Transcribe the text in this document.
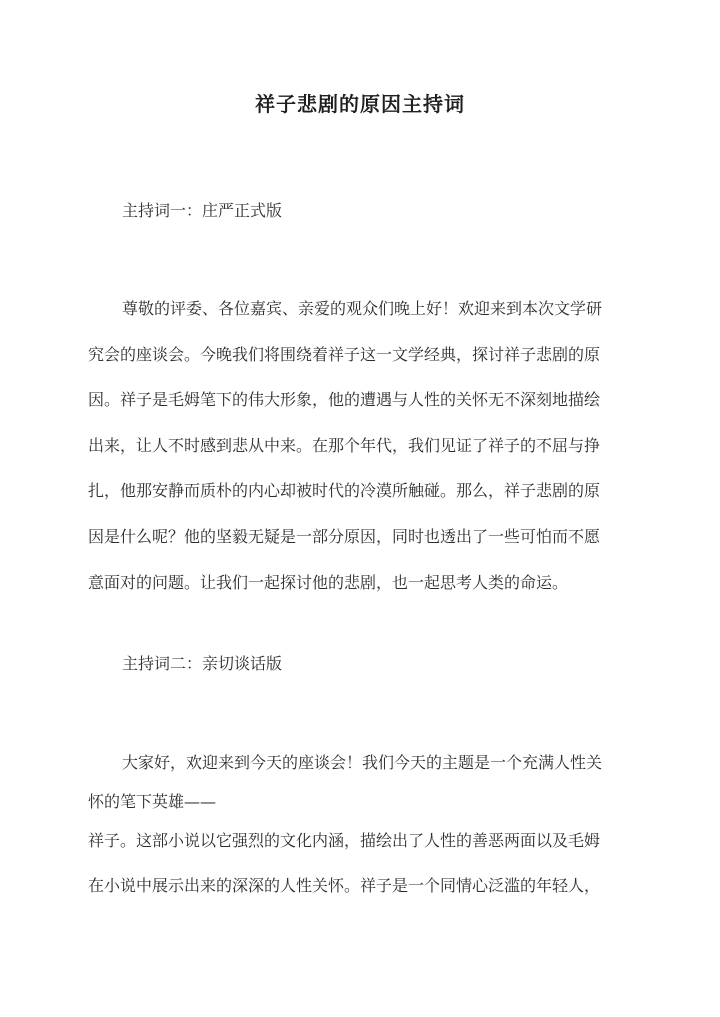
祥子悲剧的原因主持词

主持词一：庄严正式版

尊敬的评委、各位嘉宾、亲爱的观众们晚上好！欢迎来到本次文学研
究会的座谈会。今晚我们将围绕着祥子这一文学经典，探讨祥子悲剧的原
因。祥子是毛姆笔下的伟大形象，他的遭遇与人性的关怀无不深刻地描绘
出来，让人不时感到悲从中来。在那个年代，我们见证了祥子的不屈与挣
扎，他那安静而质朴的内心却被时代的冷漠所触碰。那么，祥子悲剧的原
因是什么呢？他的坚毅无疑是一部分原因，同时也透出了一些可怕而不愿
意面对的问题。让我们一起探讨他的悲剧，也一起思考人类的命运。

主持词二：亲切谈话版

大家好，欢迎来到今天的座谈会！我们今天的主题是一个充满人性关
怀的笔下英雄——
祥子。这部小说以它强烈的文化内涵，描绘出了人性的善恶两面以及毛姆
在小说中展示出来的深深的人性关怀。祥子是一个同情心泛滥的年轻人，
